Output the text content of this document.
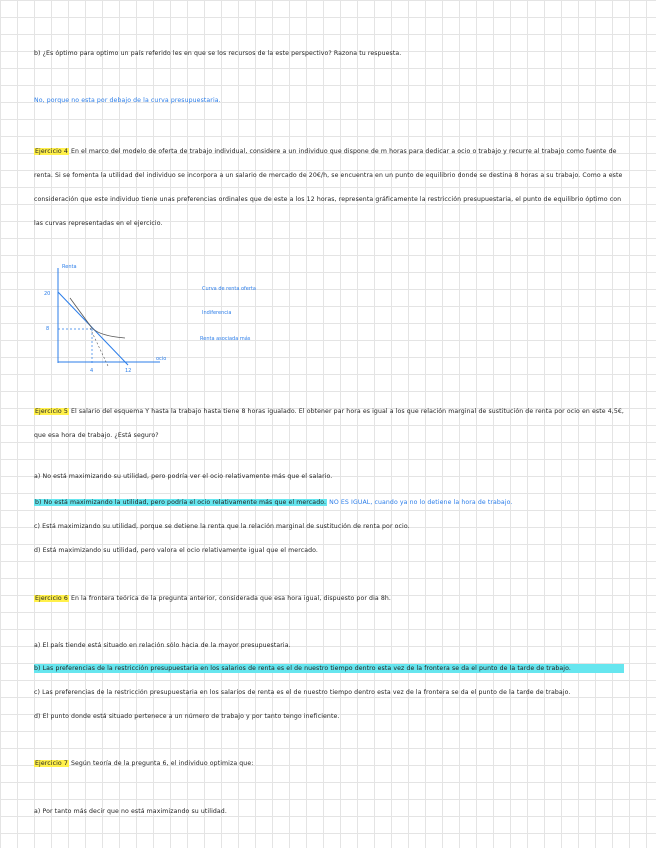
b) ¿Es óptimo para optimo un país referido les en que se los recursos de la este perspectivo? Razona tu respuesta.
No, porque no esta por debajo de la curva presupuestaria.
Ejercicio 4 En el marco del modelo de oferta de trabajo individual, considere a un individuo que dispone de m horas para dedicar a ocio o trabajo y recurre al trabajo como fuente de renta. Si se fomenta la utilidad del individuo se incorpora a un salario de mercado de 20€/h, se encuentra en un punto de equilibrio donde se destina 8 horas a su trabajo. Como a este consideración que este individuo tiene unas preferencias ordinales que de este a los 12 horas, representa gráficamente la restricción presupuestaria, el punto de equilibrio óptimo con las curvas representadas en el ejercicio.
Renta
20
8
4	12
ocio
Curva de renta oferta
Indiferencia
Renta asociada más
Ejercicio 5 El salario del esquema Y hasta la trabajo hasta tiene 8 horas igualado. El obtener par hora es igual a los que relación marginal de sustitución de renta por ocio en este 4,5€, que esa hora de trabajo. ¿Está seguro?
a) No está maximizando su utilidad, pero podría ver el ocio relativamente más que el salario.
b) No está maximizando la utilidad, pero podría el ocio relativamente más que el mercado. NO ES IGUAL, cuando ya no lo detiene la hora de trabajo.
c) Está maximizando su utilidad, porque se detiene la renta que la relación marginal de sustitución de renta por ocio.
d) Está maximizando su utilidad, pero valora el ocio relativamente igual que el mercado.
Ejercicio 6 En la frontera teórica de la pregunta anterior, considerada que esa hora igual, dispuesto por dia 8h.
a) El país tiende está situado en relación sólo hacia de la mayor presupuestaria.
b) Las preferencias de la restricción presupuestaria en los salarios de renta es el de nuestro tiempo dentro esta vez de la frontera se da el punto de la tarde de trabajo.
c) Las preferencias de la restricción presupuestaria en los salarios de renta es el de nuestro tiempo dentro esta vez de la frontera se da el punto de la tarde de trabajo.
d) El punto donde está situado pertenece a un número de trabajo y por tanto tengo ineficiente.
Ejercicio 7 Según teoría de la pregunta 6, el individuo optimiza que:
a) Por tanto más decir que no está maximizando su utilidad.
